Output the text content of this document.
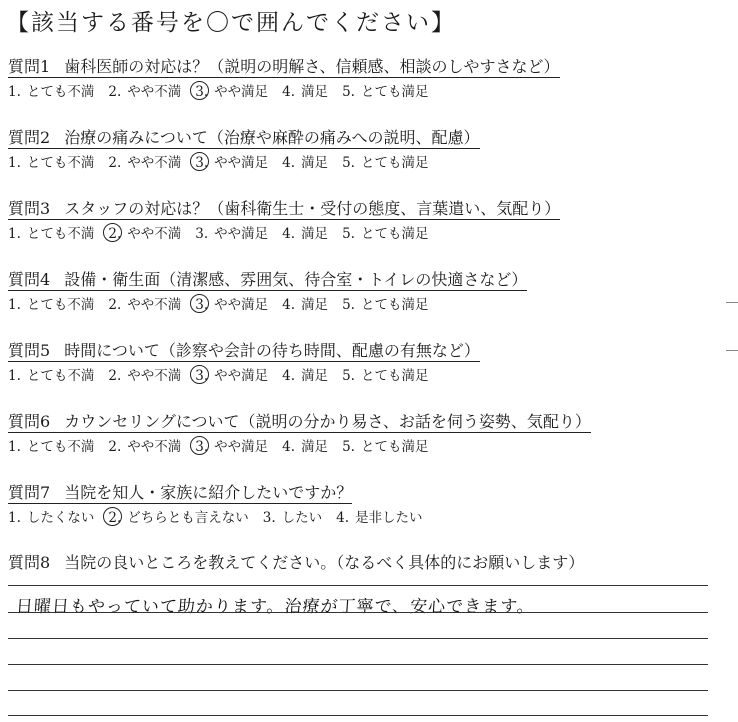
【該当する番号を〇で囲んでください】
質問1 歯科医師の対応は？（説明の明解さ、信頼感、相談のしやすさなど）
1. とても不満 2. やや不満 3. やや満足 4. 満足 5. とても満足
質問2 治療の痛みについて（治療や麻酔の痛みへの説明、配慮）
1. とても不満 2. やや不満 3. やや満足 4. 満足 5. とても満足
質問3 スタッフの対応は？（歯科衛生士・受付の態度、言葉遣い、気配り）
1. とても不満 2. やや不満 3. やや満足 4. 満足 5. とても満足
質問4 設備・衛生面（清潔感、雰囲気、待合室・トイレの快適さなど）
1. とても不満 2. やや不満 3. やや満足 4. 満足 5. とても満足
質問5 時間について（診察や会計の待ち時間、配慮の有無など）
1. とても不満 2. やや不満 3. やや満足 4. 満足 5. とても満足
質問6 カウンセリングについて（説明の分かり易さ、お話を伺う姿勢、気配り）
1. とても不満 2. やや不満 3. やや満足 4. 満足 5. とても満足
質問7 当院を知人・家族に紹介したいですか？
1. したくない 2. どちらとも言えない 3. したい 4. 是非したい
質問8 当院の良いところを教えてください。（なるべく具体的にお願いします）
日曜日もやっていて助かります。治療が丁寧で、安心できます。
